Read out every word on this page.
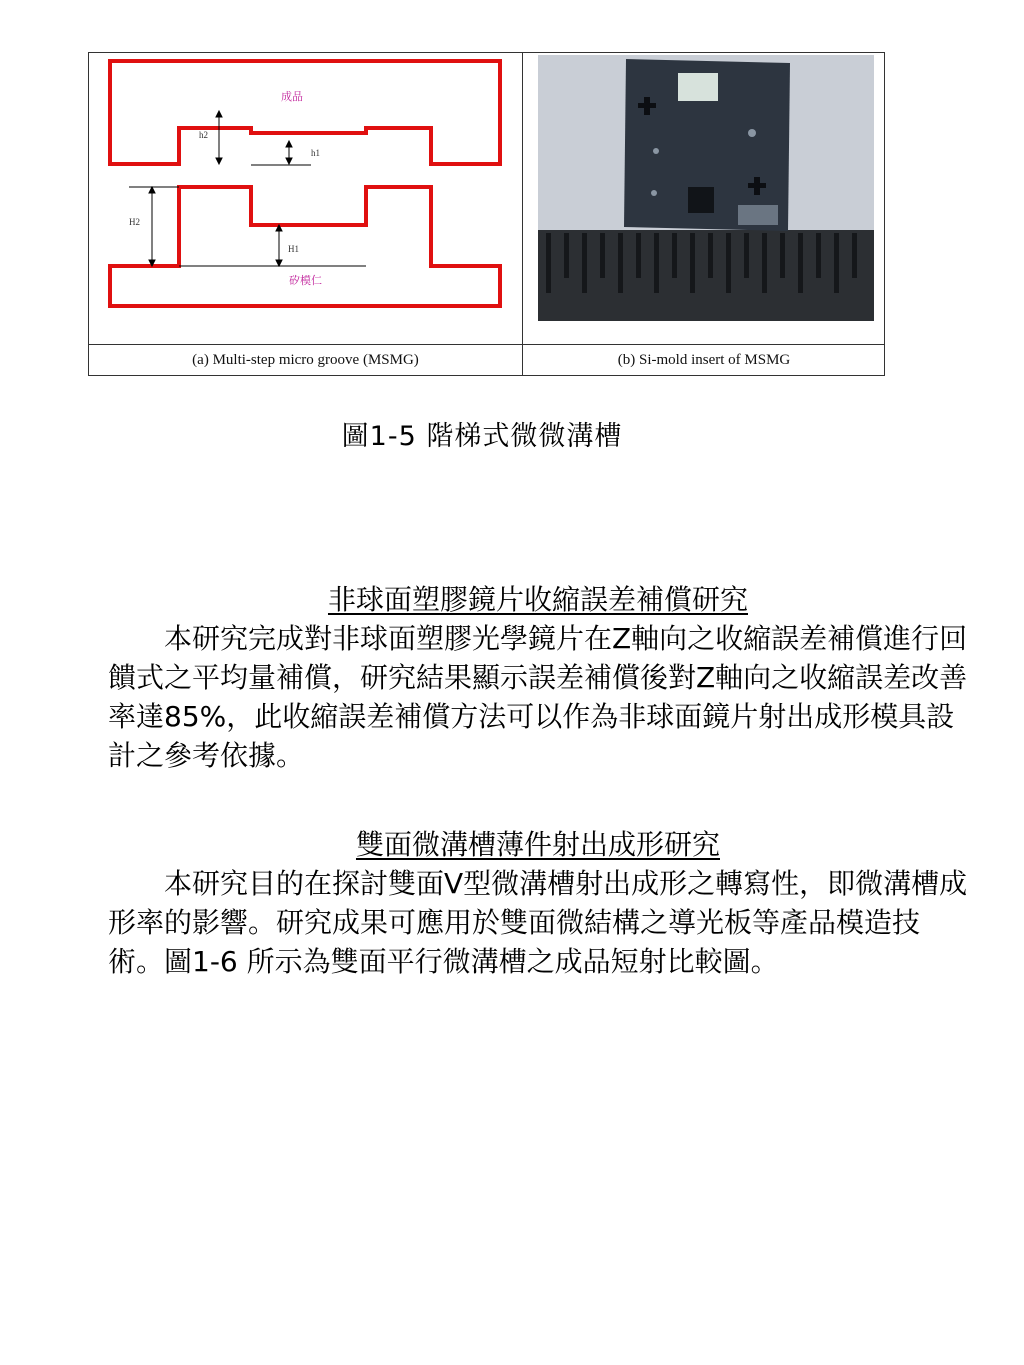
成品
矽模仁
h2
h1
H2
H1
(a) Multi-step micro groove (MSMG)	(b) Si-mold insert of MSMG
圖1-5 階梯式微微溝槽
非球面塑膠鏡片收縮誤差補償研究

本研究完成對非球面塑膠光學鏡片在Z軸向之收縮誤差補償進行回饋式之平均量補償，研究結果顯示誤差補償後對Z軸向之收縮誤差改善率達85%，此收縮誤差補償方法可以作為非球面鏡片射出成形模具設計之參考依據。

雙面微溝槽薄件射出成形研究

本研究目的在探討雙面V型微溝槽射出成形之轉寫性，即微溝槽成形率的影響。研究成果可應用於雙面微結構之導光板等產品模造技術。圖1-6 所示為雙面平行微溝槽之成品短射比較圖。
